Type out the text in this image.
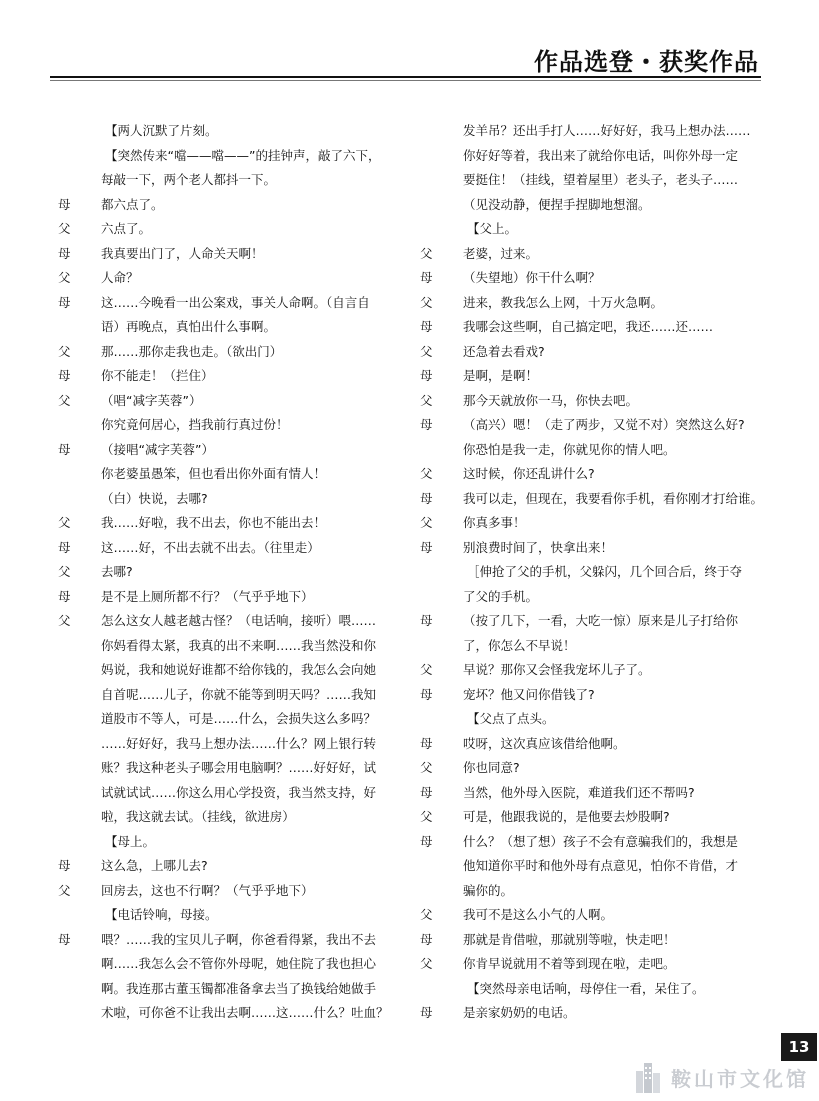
作品选登・获奖作品
【两人沉默了片刻。
【突然传来“噹——噹——”的挂钟声，敲了六下，
每敲一下，两个老人都抖一下。
母	都六点了。
父	六点了。
母	我真要出门了，人命关天啊！
父	人命？
母	这……今晚看一出公案戏，事关人命啊。（自言自
语）再晚点，真怕出什么事啊。
父	那……那你走我也走。（欲出门）
母	你不能走！（拦住）
父	（唱“减字芙蓉”）
你究竟何居心，挡我前行真过份！
母	（接唱“减字芙蓉”）
你老婆虽愚笨，但也看出你外面有情人！
（白）快说，去哪?
父	我……好啦，我不出去，你也不能出去！
母	这……好，不出去就不出去。（往里走）
父	去哪?
母	是不是上厕所都不行？（气乎乎地下）
父	怎么这女人越老越古怪？（电话响，接听）喂……
你妈看得太紧，我真的出不来啊……我当然没和你
妈说，我和她说好谁都不给你钱的，我怎么会向她
自首呢……儿子，你就不能等到明天吗？……我知
道股市不等人，可是……什么，会损失这么多吗？
……好好好，我马上想办法……什么？网上银行转
账？我这种老头子哪会用电脑啊？……好好好，试
试就试试……你这么用心学投资，我当然支持，好
啦，我这就去试。（挂线，欲进房）
【母上。
母	这么急，上哪儿去?
父	回房去，这也不行啊？（气乎乎地下）
【电话铃响，母接。
母	喂？……我的宝贝儿子啊，你爸看得紧，我出不去
啊……我怎么会不管你外母呢，她住院了我也担心
啊。我连那古董玉镯都准备拿去当了换钱给她做手
术啦，可你爸不让我出去啊……这……什么？吐血？
发羊吊？还出手打人……好好好，我马上想办法……
你好好等着，我出来了就给你电话，叫你外母一定
要挺住！（挂线，望着屋里）老头子，老头子……
（见没动静，便捏手捏脚地想溜。
【父上。
父	老婆，过来。
母	（失望地）你干什么啊？
父	进来，教我怎么上网，十万火急啊。
母	我哪会这些啊，自己搞定吧，我还……还……
父	还急着去看戏?
母	是啊，是啊！
父	那今天就放你一马，你快去吧。
母	（高兴）嗯！（走了两步，又觉不对）突然这么好?
你恐怕是我一走，你就见你的情人吧。
父	这时候，你还乱讲什么?
母	我可以走，但现在，我要看你手机，看你刚才打给谁。
父	你真多事！
母	别浪费时间了，快拿出来！
［伸抢了父的手机，父躲闪，几个回合后，终于夺
了父的手机。
母	（按了几下，一看，大吃一惊）原来是儿子打给你
了，你怎么不早说！
父	早说？那你又会怪我宠坏儿子了。
母	宠坏？他又问你借钱了?
【父点了点头。
母	哎呀，这次真应该借给他啊。
父	你也同意?
母	当然，他外母入医院，难道我们还不帮吗?
父	可是，他跟我说的，是他要去炒股啊?
母	什么？（想了想）孩子不会有意骗我们的，我想是
他知道你平时和他外母有点意见，怕你不肯借，才
骗你的。
父	我可不是这么小气的人啊。
母	那就是肯借啦，那就别等啦，快走吧！
父	你肯早说就用不着等到现在啦，走吧。
【突然母亲电话响，母停住一看，呆住了。
母	是亲家奶奶的电话。
13
鞍山市文化馆
